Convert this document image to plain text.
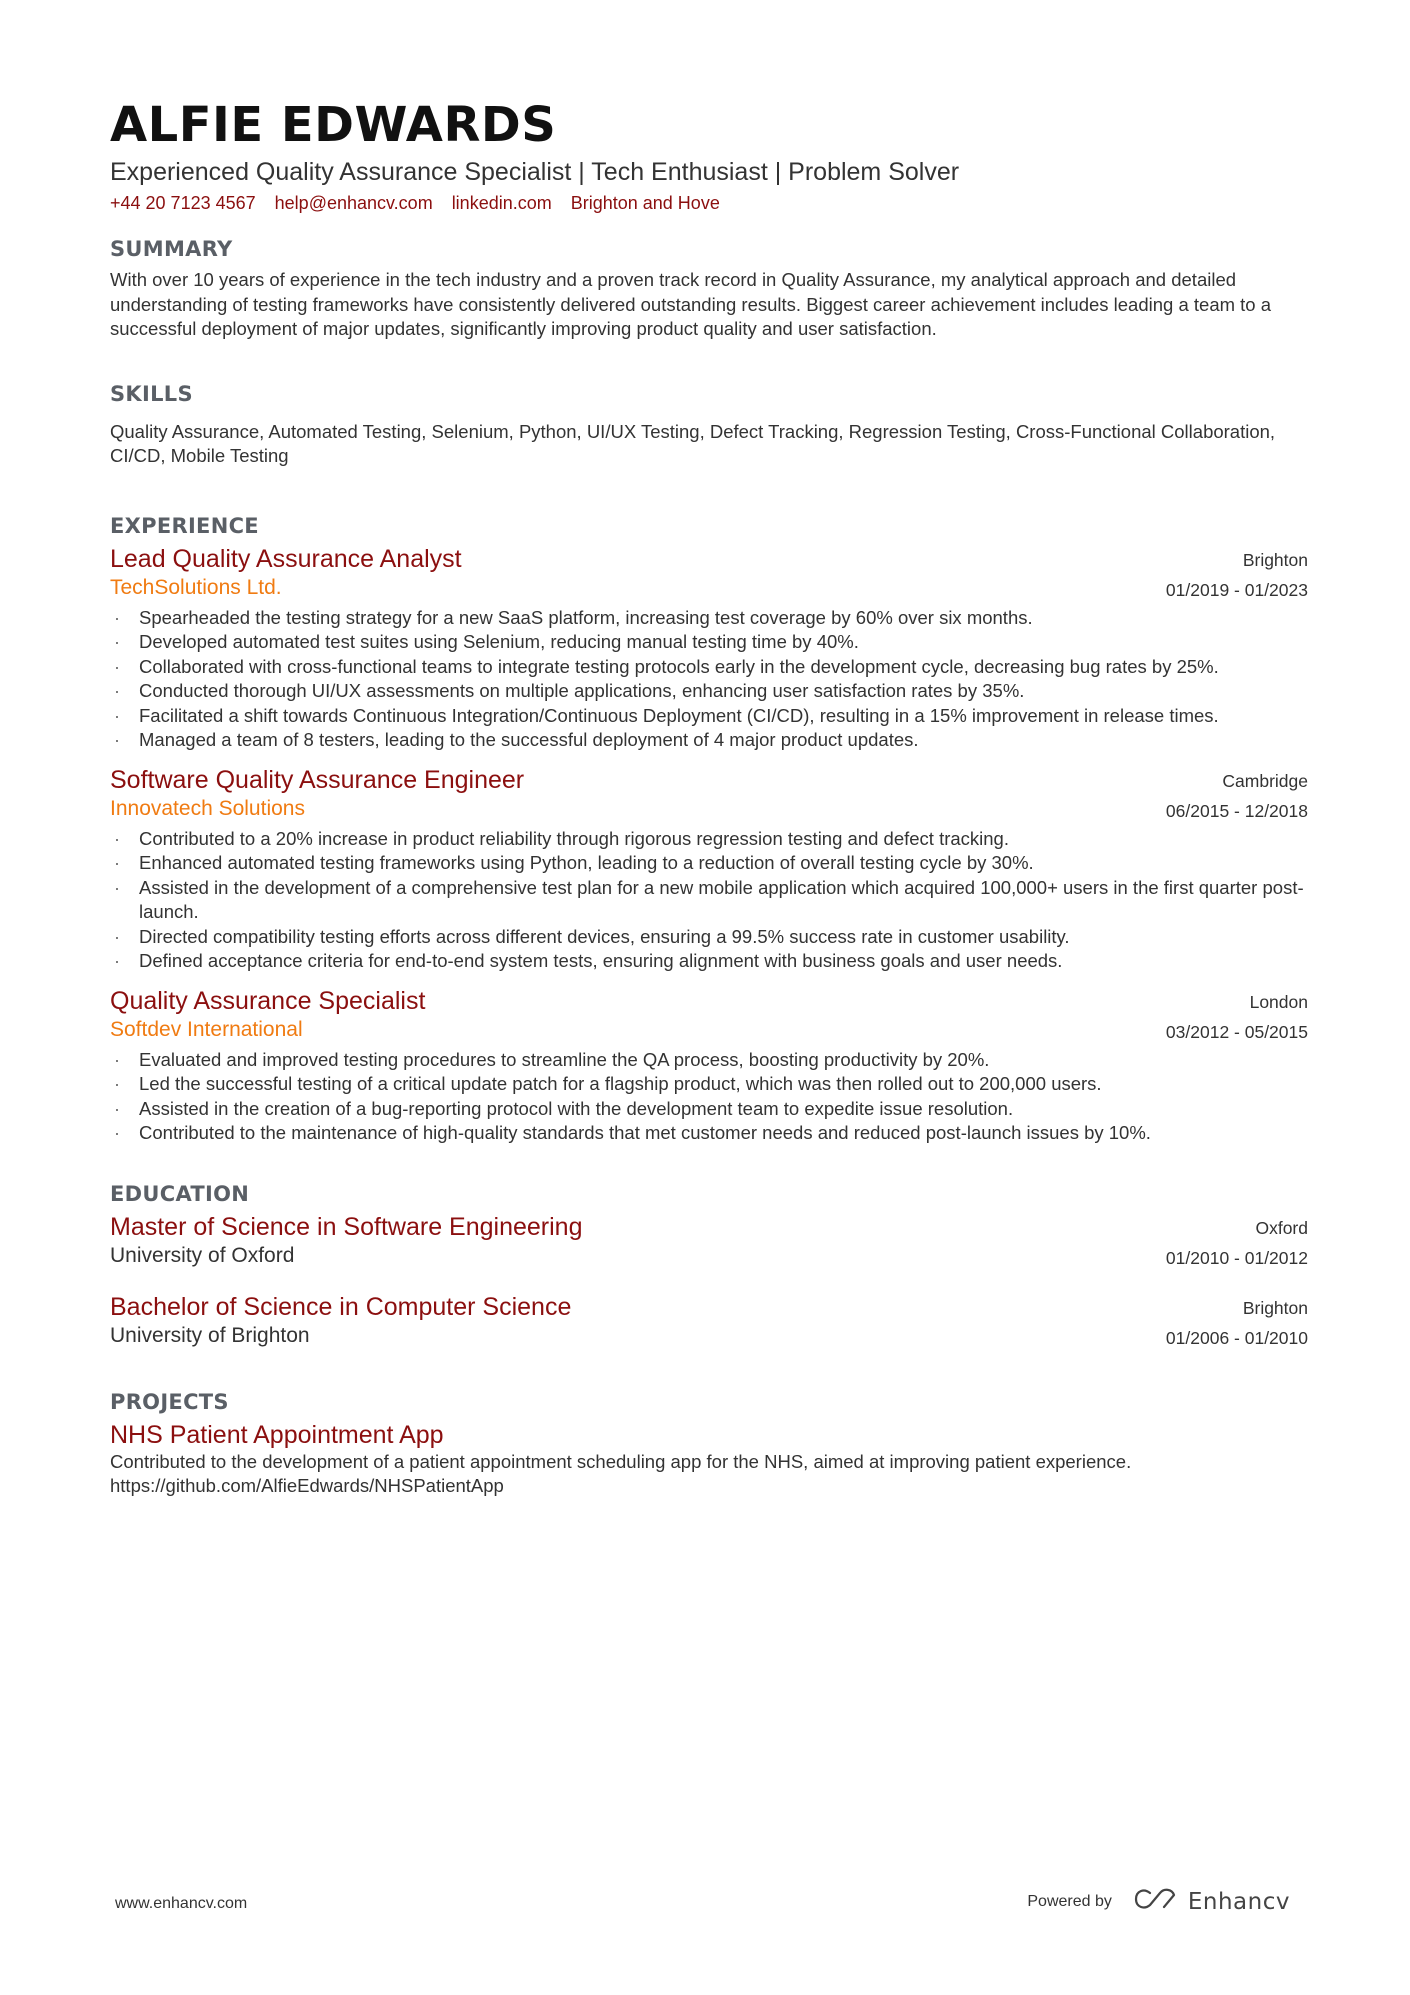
ALFIE EDWARDS
Experienced Quality Assurance Specialist | Tech Enthusiast | Problem Solver
+44 20 7123 4567 help@enhancv.com linkedin.com Brighton and Hove
SUMMARY

With over 10 years of experience in the tech industry and a proven track record in Quality Assurance, my analytical approach and detailed understanding of testing frameworks have consistently delivered outstanding results. Biggest career achievement includes leading a team to a successful deployment of major updates, significantly improving product quality and user satisfaction.

SKILLS

Quality Assurance, Automated Testing, Selenium, Python, UI/UX Testing, Defect Tracking, Regression Testing, Cross-Functional Collaboration, CI/CD, Mobile Testing

EXPERIENCE
Lead Quality Assurance Analyst
TechSolutions Ltd.
Brighton
01/2019 - 01/2023
· Spearheaded the testing strategy for a new SaaS platform, increasing test coverage by 60% over six months.
· Developed automated test suites using Selenium, reducing manual testing time by 40%.
· Collaborated with cross-functional teams to integrate testing protocols early in the development cycle, decreasing bug rates by 25%.
· Conducted thorough UI/UX assessments on multiple applications, enhancing user satisfaction rates by 35%.
· Facilitated a shift towards Continuous Integration/Continuous Deployment (CI/CD), resulting in a 15% improvement in release times.
· Managed a team of 8 testers, leading to the successful deployment of 4 major product updates.
Software Quality Assurance Engineer
Innovatech Solutions
Cambridge
06/2015 - 12/2018
· Contributed to a 20% increase in product reliability through rigorous regression testing and defect tracking.
· Enhanced automated testing frameworks using Python, leading to a reduction of overall testing cycle by 30%.
· Assisted in the development of a comprehensive test plan for a new mobile application which acquired 100,000+ users in the first quarter post-launch.
· Directed compatibility testing efforts across different devices, ensuring a 99.5% success rate in customer usability.
· Defined acceptance criteria for end-to-end system tests, ensuring alignment with business goals and user needs.
Quality Assurance Specialist
Softdev International
London
03/2012 - 05/2015
· Evaluated and improved testing procedures to streamline the QA process, boosting productivity by 20%.
· Led the successful testing of a critical update patch for a flagship product, which was then rolled out to 200,000 users.
· Assisted in the creation of a bug-reporting protocol with the development team to expedite issue resolution.
· Contributed to the maintenance of high-quality standards that met customer needs and reduced post-launch issues by 10%.
EDUCATION
Master of Science in Software Engineering
University of Oxford
Oxford
01/2010 - 01/2012
Bachelor of Science in Computer Science
University of Brighton
Brighton
01/2006 - 01/2010
PROJECTS
NHS Patient Appointment App

Contributed to the development of a patient appointment scheduling app for the NHS, aimed at improving patient experience.

https://github.com/AlfieEdwards/NHSPatientApp

www.enhancv.com	Powered by	Enhancv
